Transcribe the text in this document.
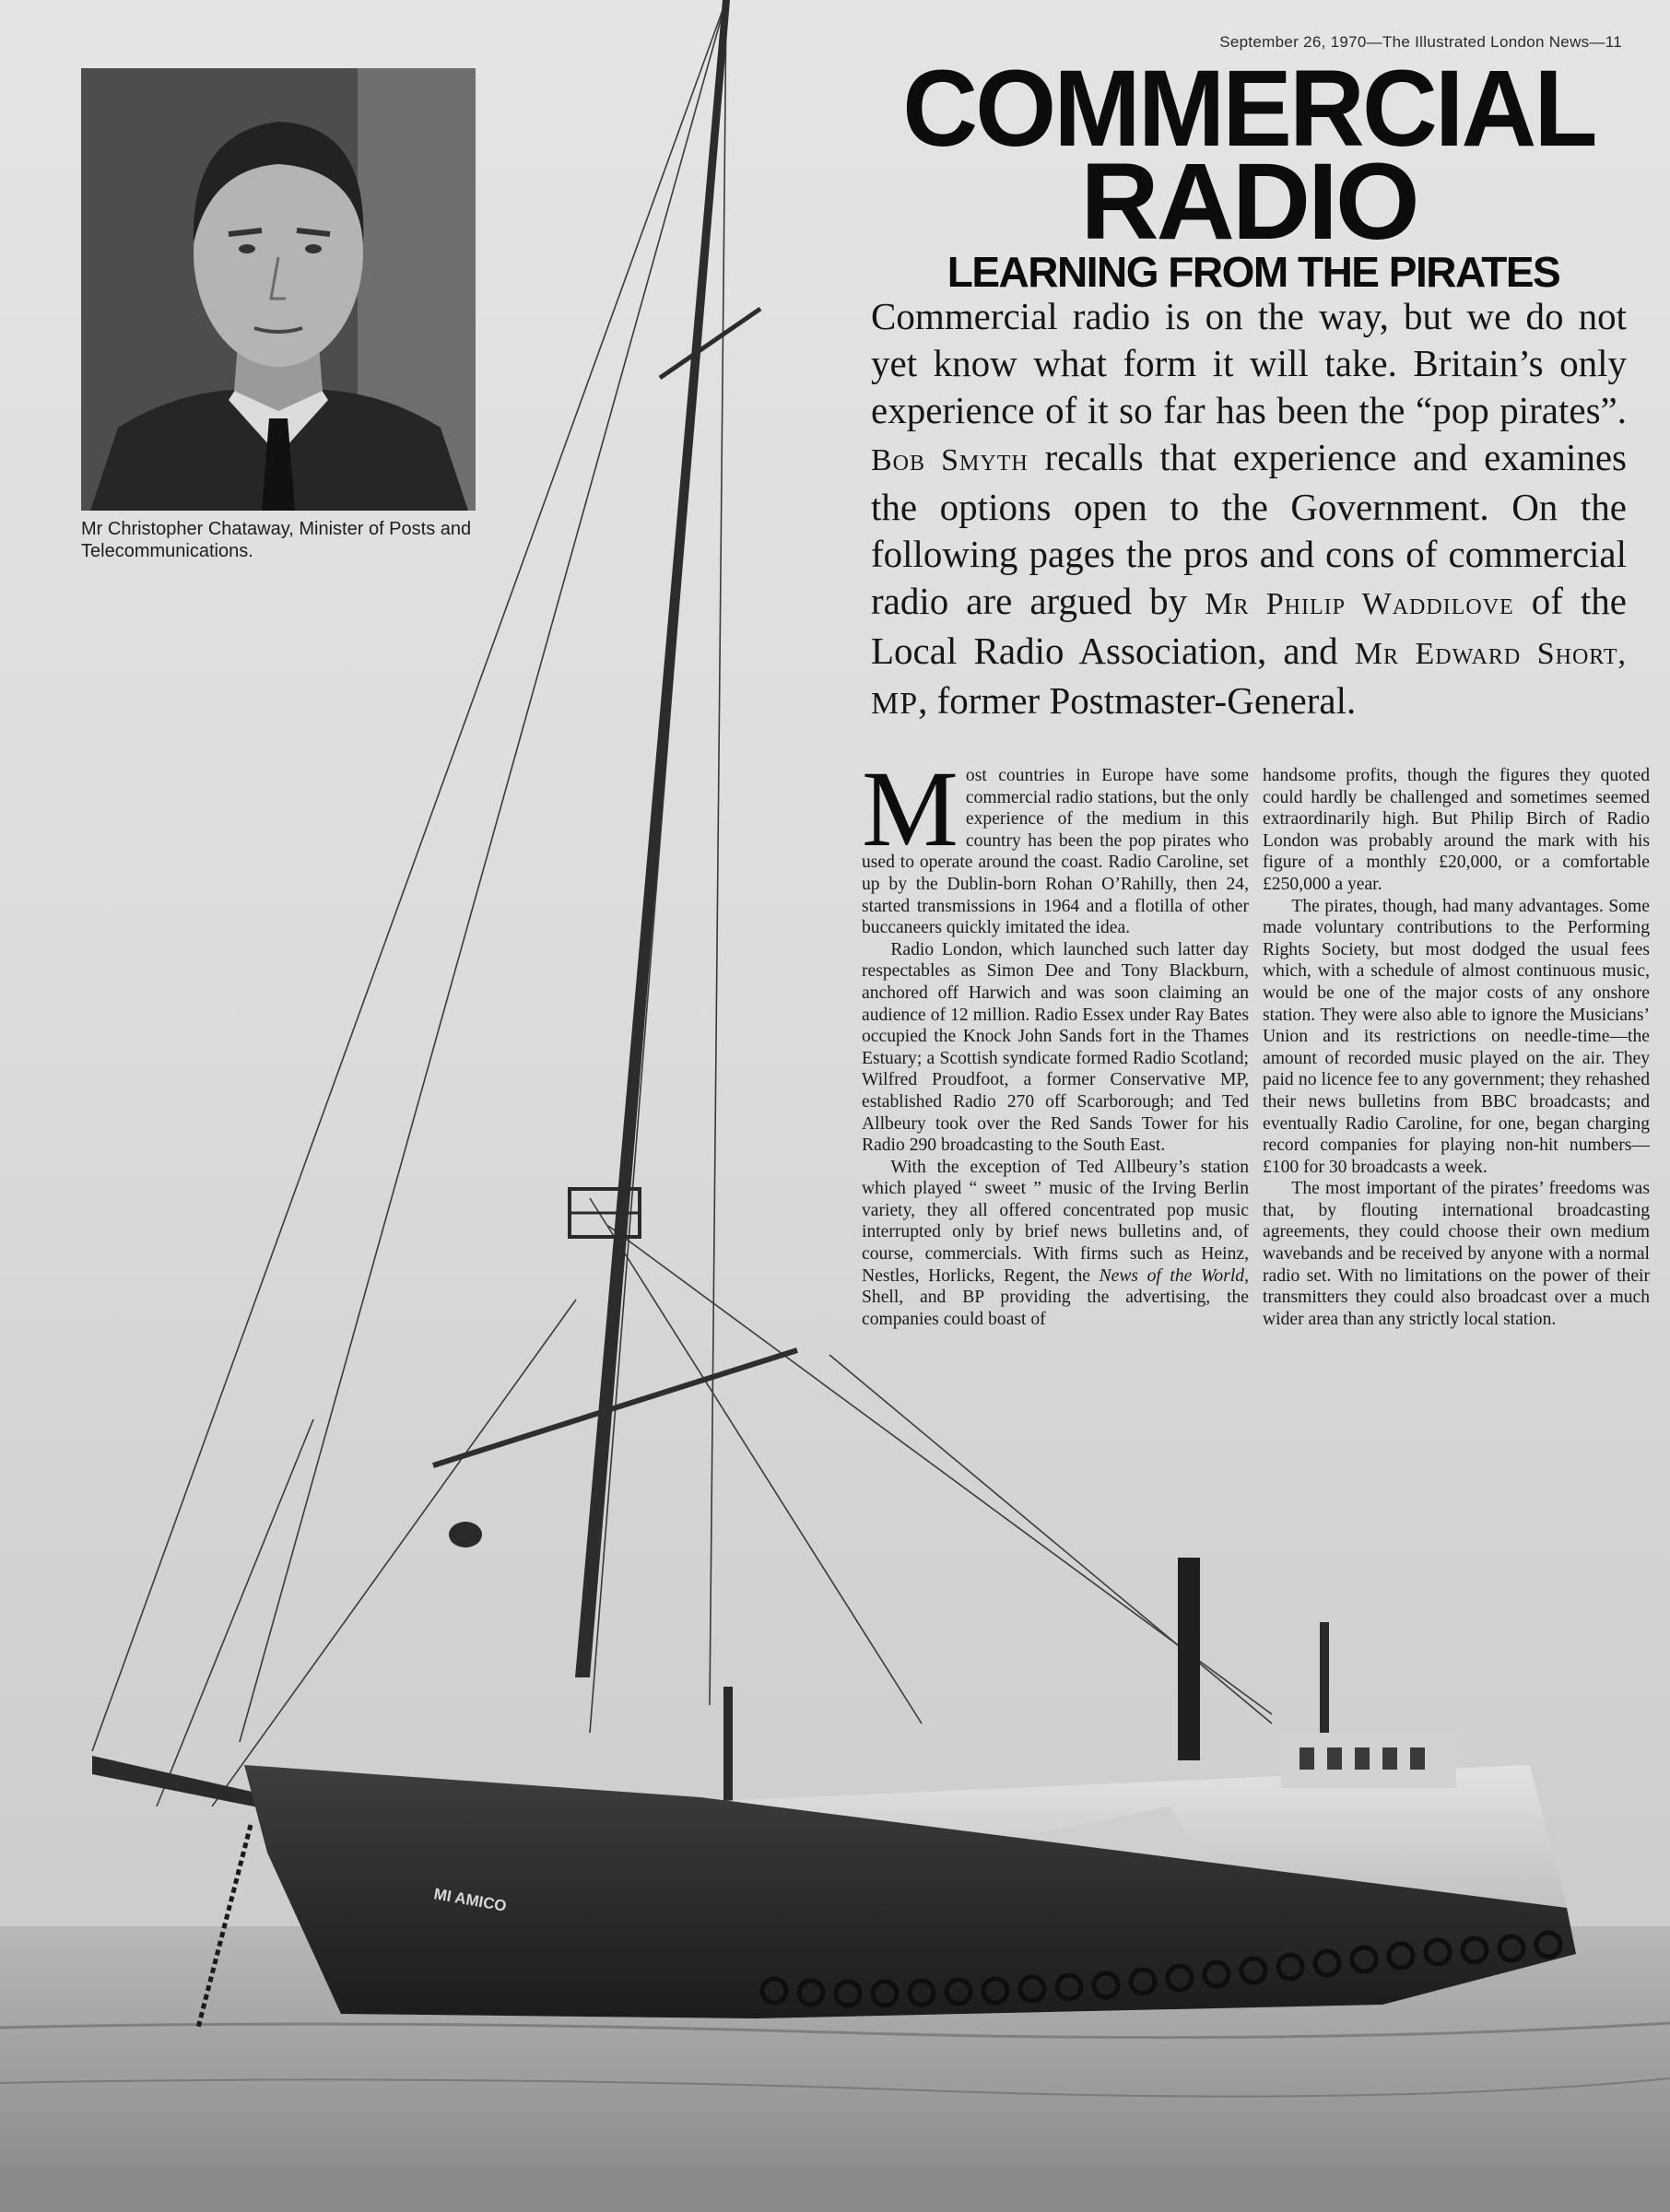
MI AMICO	CAROLINE
September 26, 1970—The Illustrated London News—11
Mr Christopher Chataway, Minister of Posts and Telecommunications.
COMMERCIAL
RADIO
LEARNING FROM THE PIRATES
Commercial radio is on the way, but we do not yet know what form it will take. Britain’s only experience of it so far has been the “pop pirates”. Bob Smyth recalls that experience and examines the options open to the Government. On the following pages the pros and cons of commercial radio are argued by Mr Philip Waddilove of the Local Radio Association, and Mr Edward Short, MP, former Postmaster-General.

Most countries in Europe have some commercial radio stations, but the only experience of the medium in this country has been the pop pirates who used to operate around the coast. Radio Caroline, set up by the Dublin-born Rohan O’Rahilly, then 24, started transmissions in 1964 and a flotilla of other buccaneers quickly imitated the idea.

Radio London, which launched such latter day respectables as Simon Dee and Tony Blackburn, anchored off Harwich and was soon claiming an audience of 12 million. Radio Essex under Ray Bates occupied the Knock John Sands fort in the Thames Estuary; a Scottish syndicate formed Radio Scotland; Wilfred Proudfoot, a former Conservative MP, established Radio 270 off Scarborough; and Ted Allbeury took over the Red Sands Tower for his Radio 290 broadcasting to the South East.

With the exception of Ted Allbeury’s station which played “ sweet ” music of the Irving Berlin variety, they all offered concentrated pop music interrupted only by brief news bulletins and, of course, commercials. With firms such as Heinz, Nestles, Horlicks, Regent, the News of the World, Shell, and BP providing the advertising, the companies could boast of

handsome profits, though the figures they quoted could hardly be challenged and sometimes seemed extraordinarily high. But Philip Birch of Radio London was probably around the mark with his figure of a monthly £20,000, or a comfortable £250,000 a year.

The pirates, though, had many advantages. Some made voluntary contributions to the Performing Rights Society, but most dodged the usual fees which, with a schedule of almost continuous music, would be one of the major costs of any onshore station. They were also able to ignore the Musicians’ Union and its restrictions on needle-time—the amount of recorded music played on the air. They paid no licence fee to any government; they rehashed their news bulletins from BBC broadcasts; and eventually Radio Caroline, for one, began charging record companies for playing non-hit numbers—£100 for 30 broadcasts a week.

The most important of the pirates’ freedoms was that, by flouting international broadcasting agreements, they could choose their own medium wavebands and be received by anyone with a normal radio set. With no limitations on the power of their transmitters they could also broadcast over a much wider area than any strictly local station.
